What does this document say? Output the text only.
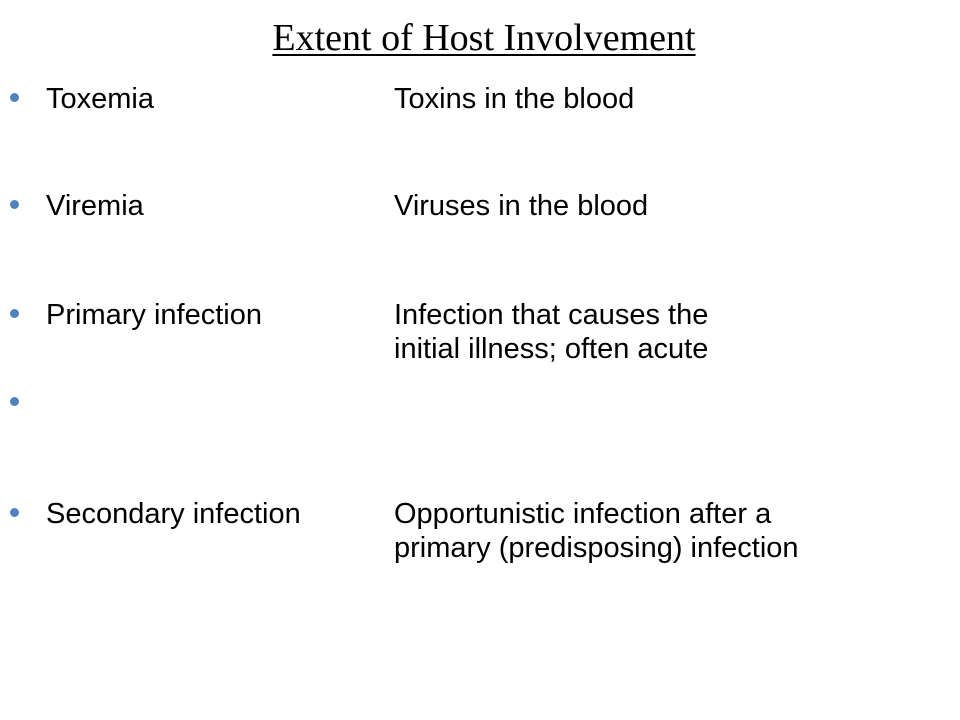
Extent of Host Involvement
Toxemia	Toxins in the blood
Viremia	Viruses in the blood
Primary infection	Infection that causes the
initial illness; often acute
Secondary infection	Opportunistic infection after a
primary (predisposing) infection
